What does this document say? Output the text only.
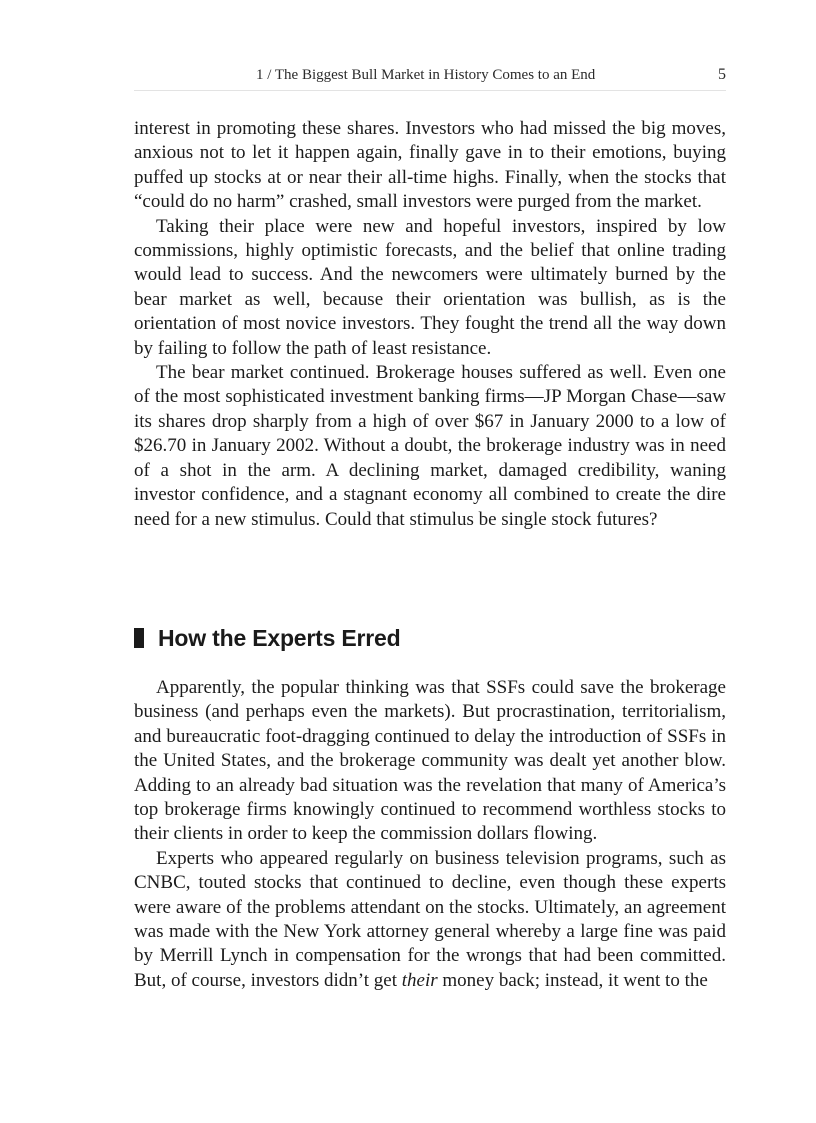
1 / The Biggest Bull Market in History Comes to an End	5

interest in promoting these shares. Investors who had missed the big moves, anxious not to let it happen again, finally gave in to their emotions, buying puffed up stocks at or near their all-time highs. Finally, when the stocks that “could do no harm” crashed, small investors were purged from the market.

Taking their place were new and hopeful investors, inspired by low commissions, highly optimistic forecasts, and the belief that online trading would lead to success. And the newcomers were ultimately burned by the bear market as well, because their orientation was bullish, as is the orientation of most novice investors. They fought the trend all the way down by failing to follow the path of least resistance.

The bear market continued. Brokerage houses suffered as well. Even one of the most sophisticated investment banking firms—JP Morgan Chase—saw its shares drop sharply from a high of over $67 in January 2000 to a low of $26.70 in January 2002. Without a doubt, the brokerage industry was in need of a shot in the arm. A declining market, damaged credibility, waning investor confidence, and a stagnant economy all combined to create the dire need for a new stimulus. Could that stimulus be single stock futures?

How the Experts Erred

Apparently, the popular thinking was that SSFs could save the brokerage business (and perhaps even the markets). But procrastination, territorialism, and bureaucratic foot-dragging continued to delay the introduction of SSFs in the United States, and the brokerage community was dealt yet another blow. Adding to an already bad situation was the revelation that many of America’s top brokerage firms knowingly continued to recommend worthless stocks to their clients in order to keep the commission dollars flowing.

Experts who appeared regularly on business television programs, such as CNBC, touted stocks that continued to decline, even though these experts were aware of the problems attendant on the stocks. Ultimately, an agreement was made with the New York attorney general whereby a large fine was paid by Merrill Lynch in compensation for the wrongs that had been committed. But, of course, investors didn’t get their money back; instead, it went to the
